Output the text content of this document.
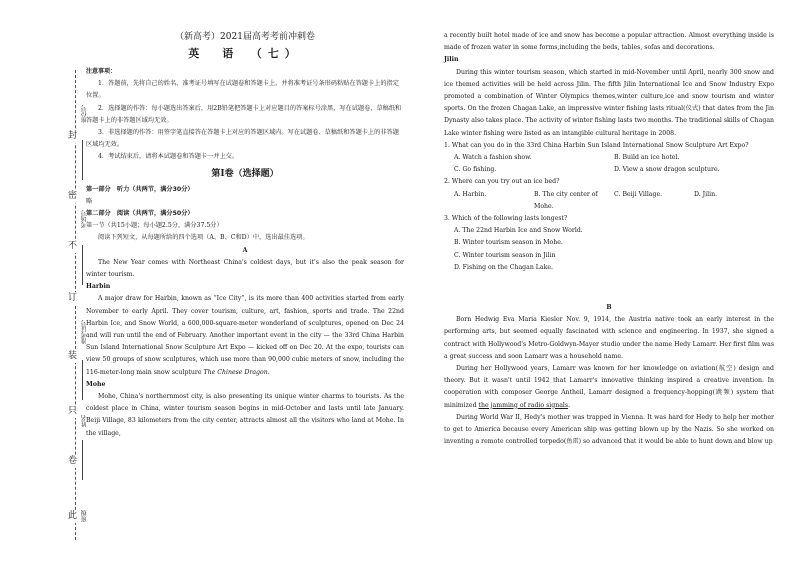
封
密
不
订
装
只
卷
此
座位号
考场号
准考证号
姓名
班级
（新高考）2021届高考考前冲刺卷
英　语　（七）
注意事项：

1．答题前，先将自己的姓名、准考证号填写在试题卷和答题卡上，并将准考证号条形码粘贴在答题卡上的指定位置。

2．选择题的作答：每小题选出答案后，用2B铅笔把答题卡上对应题目的答案标号涂黑，写在试题卷、草稿纸和答题卡上的非答题区域均无效。

3．非选择题的作答：用签字笔直接答在答题卡上对应的答题区域内。写在试题卷、草稿纸和答题卡上的非答题区域均无效。

4．考试结束后，请将本试题卷和答题卡一并上交。

第Ⅰ卷（选择题）

第一部分　听力（共两节，满分30分）

略

第二部分　阅读（共两节，满分50分）

第一节（共15小题；每小题2.5分，满分37.5分）

阅读下列短文，从每题所给的四个选项（A、B、C和D）中，选出最佳选项。

A

The New Year comes with Northeast China's coldest days, but it's also the peak season for winter tourism.

Harbin

A major draw for Harbin, known as “Ice City”, is its more than 400 activities started from early November to early April. They cover tourism, culture, art, fashion, sports and trade. The 22nd Harbin Ice, and Snow World, a 600,000-square-meter wonderland of sculptures, opened on Dec 24 and will run until the end of February. Another important event in the city — the 33rd China Harbin Sun Island International Snow Sculpture Art Expo — kicked off on Dec 20. At the expo, tourists can view 50 groups of snow sculptures, which use more than 90,000 cubic meters of snow, including the 116-meter-long main snow sculpture The Chinese Dragon.

Mohe

Mohe, China's northernmost city, is also presenting its unique winter charms to tourists. As the coldest place in China, winter tourism season begins in mid-October and lasts until late January. Beiji Village, 83 kilometers from the city center, attracts almost all the visitors who land at Mohe. In the village,

a recently built hotel made of ice and snow has become a popular attraction. Almost everything inside is made of frozen water in some forms,including the beds, tables, sofas and decorations.

Jilin

During this winter tourism season, which started in mid-November until April, nearly 300 snow and ice themed activities will be held across Jilin. The fifth Jilin International Ice and Snow Industry Expo promoted a combination of Winter Olympics themes,winter culture,ice and snow tourism and winter sports. On the frozen Chagan Lake, an impressive winter fishing lasts ritual(仪式) that dates from the Jin Dynasty also takes place. The activity of winter fishing lasts two months. The traditional skills of Chagan Lake winter fishing were listed as an intangible cultural heritage in 2008.

1. What can you do in the 33rd China Harbin Sun Island International Snow Sculpture Art Expo?

A. Watch a fashion show.	B. Build an ice hotel.
C. Go fishing.	D. View a snow dragon sculpture.

2. Where can you try out an ice bed?

A. Harbin.	B. The city center of Mohe.
C. Beiji Village.	D. Jilin.

3. Which of the following lasts longest?

A. The 22nd Harbin Ice and Snow World.
B. Winter tourism season in Mohe.
C. Winter tourism season in Jilin
D. Fishing on the Chagan Lake.

B

Born Hedwig Eva Maria Kiesler Nov. 9, 1914, the Austria native took an early interest in the performing arts, but seemed equally fascinated with science and engineering. In 1937, she signed a contract with Hollywood's Metro-Goldwyn-Mayer studio under the name Hedy Lamarr. Her first film was a great success and soon Lamarr was a household name.

During her Hollywood years, Lamarr was known for her knowledge on aviation(航空) design and theory. But it wasn't until 1942 that Lamarr's innovative thinking inspired a creative invention. In cooperation with composer George Antheil, Lamarr designed a frequency-hopping(跳频) system that minimized the jamming of radio signals.

During World War II, Hedy's mother was trapped in Vienna. It was hard for Hedy to help her mother to get to America because every American ship was getting blown up by the Nazis. So she worked on inventing a remote controlled torpedo(鱼雷) so advanced that it would be able to hunt down and blow up
